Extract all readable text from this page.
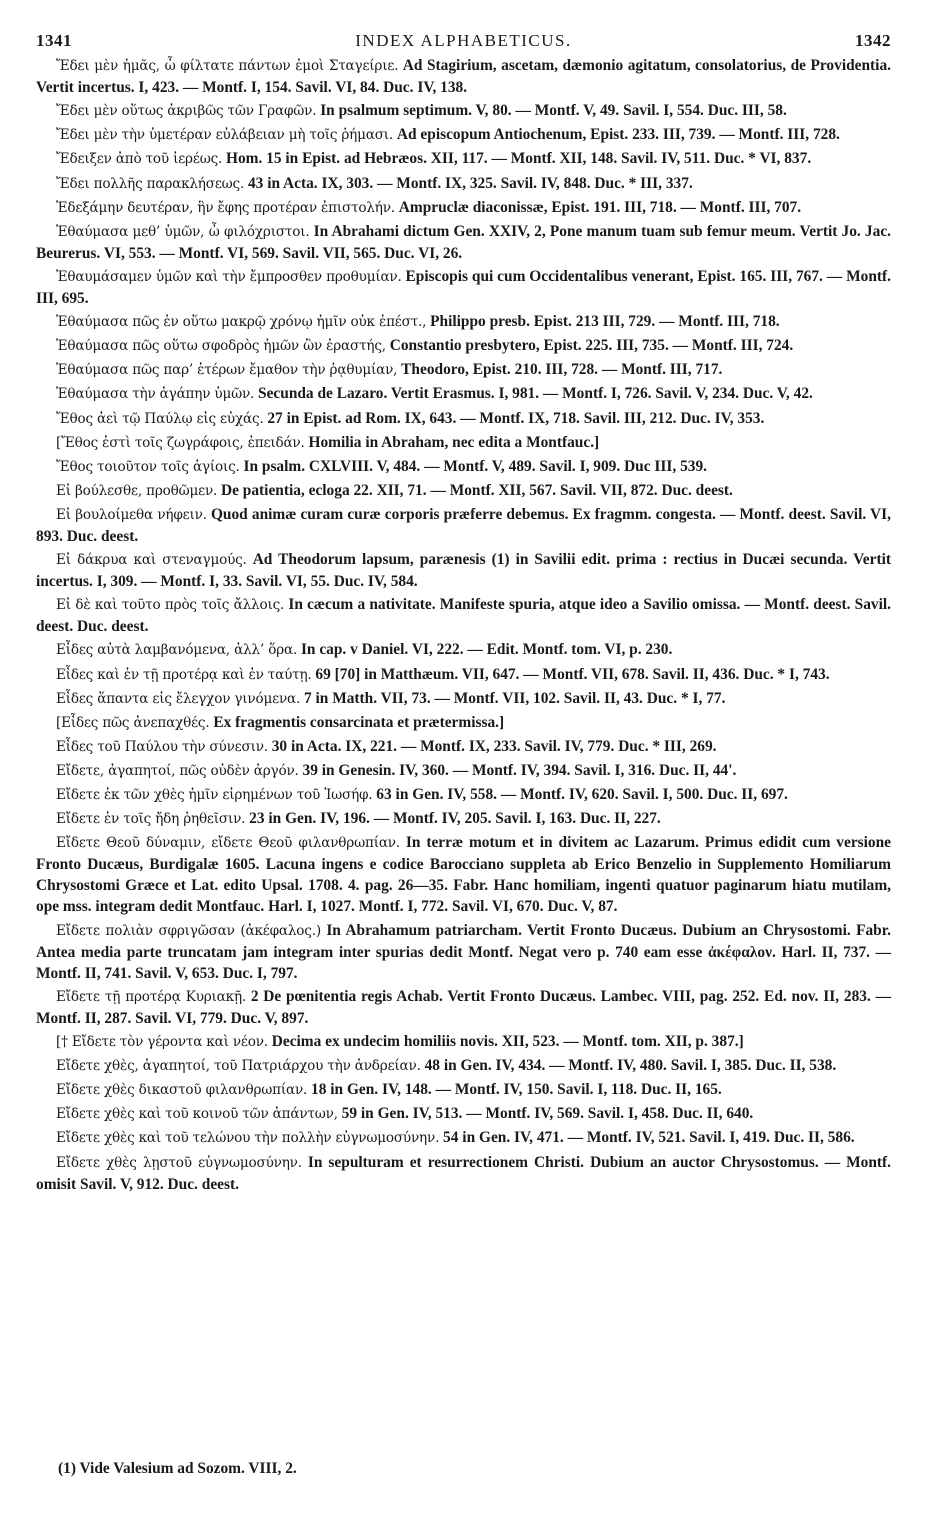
1341	INDEX ALPHABETICUS.	1342

Ἔδει μὲν ἡμᾶς, ὦ φίλτατε πάντων ἐμοὶ Σταγείριε. Ad Stagirium, ascetam, dæmonio agitatum, consolatorius, de Providentia. Vertit incertus. I, 423. — Montf. I, 154. Savil. VI, 84. Duc. IV, 138.

Ἔδει μὲν οὕτως ἀκριβῶς τῶν Γραφῶν. In psalmum septimum. V, 80. — Montf. V, 49. Savil. I, 554. Duc. III, 58.

Ἔδει μὲν τὴν ὑμετέραν εὐλάβειαν μὴ τοῖς ῥήμασι. Ad episcopum Antiochenum, Epist. 233. III, 739. — Montf. III, 728.

Ἔδειξεν ἀπὸ τοῦ ἱερέως. Hom. 15 in Epist. ad Hebræos. XII, 117. — Montf. XII, 148. Savil. IV, 511. Duc. * VI, 837.

Ἔδει πολλῆς παρακλήσεως. 43 in Acta. IX, 303. — Montf. IX, 325. Savil. IV, 848. Duc. * III, 337.

Ἐδεξάμην δευτέραν, ἣν ἔφης προτέραν ἐπιστολήν. Ampruclæ diaconissæ, Epist. 191. III, 718. — Montf. III, 707.

Ἐθαύμασα μεθ’ ὑμῶν, ὦ φιλόχριστοι. In Abrahami dictum Gen. XXIV, 2, Pone manum tuam sub femur meum. Vertit Jo. Jac. Beurerus. VI, 553. — Montf. VI, 569. Savil. VII, 565. Duc. VI, 26.

Ἐθαυμάσαμεν ὑμῶν καὶ τὴν ἔμπροσθεν προθυμίαν. Episcopis qui cum Occidentalibus venerant, Epist. 165. III, 767. — Montf. III, 695.

Ἐθαύμασα πῶς ἐν οὕτω μακρῷ χρόνῳ ἡμῖν οὐκ ἐπέστ., Philippo presb. Epist. 213 III, 729. — Montf. III, 718.

Ἐθαύμασα πῶς οὕτω σφοδρὸς ἡμῶν ὢν ἐραστής, Constantio presbytero, Epist. 225. III, 735. — Montf. III, 724.

Ἐθαύμασα πῶς παρ’ ἑτέρων ἔμαθον τὴν ῥᾳθυμίαν, Theodoro, Epist. 210. III, 728. — Montf. III, 717.

Ἐθαύμασα τὴν ἀγάπην ὑμῶν. Secunda de Lazaro. Vertit Erasmus. I, 981. — Montf. I, 726. Savil. V, 234. Duc. V, 42.

Ἔθος ἀεὶ τῷ Παύλῳ εἰς εὐχάς. 27 in Epist. ad Rom. IX, 643. — Montf. IX, 718. Savil. III, 212. Duc. IV, 353.

[Ἔθος ἐστὶ τοῖς ζωγράφοις, ἐπειδάν. Homilia in Abraham, nec edita a Montfauc.]

Ἔθος τοιοῦτον τοῖς ἁγίοις. In psalm. CXLVIII. V, 484. — Montf. V, 489. Savil. I, 909. Duc III, 539.

Εἰ βούλεσθε, προθῶμεν. De patientia, ecloga 22. XII, 71. — Montf. XII, 567. Savil. VII, 872. Duc. deest.

Εἰ βουλοίμεθα νήφειν. Quod animæ curam curæ corporis præferre debemus. Ex fragmm. congesta. — Montf. deest. Savil. VI, 893. Duc. deest.

Εἰ δάκρυα καὶ στεναγμούς. Ad Theodorum lapsum, parænesis (1) in Savilii edit. prima : rectius in Ducæi secunda. Vertit incertus. I, 309. — Montf. I, 33. Savil. VI, 55. Duc. IV, 584.

Εἰ δὲ καὶ τοῦτο πρὸς τοῖς ἄλλοις. In cæcum a nativitate. Manifeste spuria, atque ideo a Savilio omissa. — Montf. deest. Savil. deest. Duc. deest.

Εἶδες αὐτὰ λαμβανόμενα, ἀλλ’ ὅρα. In cap. v Daniel. VI, 222. — Edit. Montf. tom. VI, p. 230.

Εἶδες καὶ ἐν τῇ προτέρᾳ καὶ ἐν ταύτῃ. 69 [70] in Matthæum. VII, 647. — Montf. VII, 678. Savil. II, 436. Duc. * I, 743.

Εἶδες ἅπαντα εἰς ἔλεγχον γινόμενα. 7 in Matth. VII, 73. — Montf. VII, 102. Savil. II, 43. Duc. * I, 77.

[Εἶδες πῶς ἀνεπαχθές. Ex fragmentis consarcinata et prætermissa.]

Εἶδες τοῦ Παύλου τὴν σύνεσιν. 30 in Acta. IX, 221. — Montf. IX, 233. Savil. IV, 779. Duc. * III, 269.

Εἴδετε, ἀγαπητοί, πῶς οὐδὲν ἀργόν. 39 in Genesin. IV, 360. — Montf. IV, 394. Savil. I, 316. Duc. II, 44'.

Εἴδετε ἐκ τῶν χθὲς ἡμῖν εἰρημένων τοῦ Ἰωσήφ. 63 in Gen. IV, 558. — Montf. IV, 620. Savil. I, 500. Duc. II, 697.

Εἴδετε ἐν τοῖς ἤδη ῥηθεῖσιν. 23 in Gen. IV, 196. — Montf. IV, 205. Savil. I, 163. Duc. II, 227.

Εἴδετε Θεοῦ δύναμιν, εἴδετε Θεοῦ φιλανθρωπίαν. In terræ motum et in divitem ac Lazarum. Primus edidit cum versione Fronto Ducæus, Burdigalæ 1605. Lacuna ingens e codice Barocciano suppleta ab Erico Benzelio in Supplemento Homiliarum Chrysostomi Græce et Lat. edito Upsal. 1708. 4. pag. 26—35. Fabr. Hanc homiliam, ingenti quatuor paginarum hiatu mutilam, ope mss. integram dedit Montfauc. Harl. I, 1027. Montf. I, 772. Savil. VI, 670. Duc. V, 87.

Εἴδετε πολιὰν σφριγῶσαν (ἀκέφαλος.) In Abrahamum patriarcham. Vertit Fronto Ducæus. Dubium an Chrysostomi. Fabr. Antea media parte truncatam jam integram inter spurias dedit Montf. Negat vero p. 740 eam esse ἀκέφαλον. Harl. II, 737. — Montf. II, 741. Savil. V, 653. Duc. I, 797.

Εἴδετε τῇ προτέρᾳ Κυριακῇ. 2 De pœnitentia regis Achab. Vertit Fronto Ducæus. Lambec. VIII, pag. 252. Ed. nov. II, 283. — Montf. II, 287. Savil. VI, 779. Duc. V, 897.

[† Εἴδετε τὸν γέροντα καὶ νέον. Decima ex undecim homiliis novis. XII, 523. — Montf. tom. XII, p. 387.]

Εἴδετε χθὲς, ἀγαπητοί, τοῦ Πατριάρχου τὴν ἀνδρείαν. 48 in Gen. IV, 434. — Montf. IV, 480. Savil. I, 385. Duc. II, 538.

Εἴδετε χθὲς δικαστοῦ φιλανθρωπίαν. 18 in Gen. IV, 148. — Montf. IV, 150. Savil. I, 118. Duc. II, 165.

Εἴδετε χθὲς καὶ τοῦ κοινοῦ τῶν ἁπάντων, 59 in Gen. IV, 513. — Montf. IV, 569. Savil. I, 458. Duc. II, 640.

Εἴδετε χθὲς καὶ τοῦ τελώνου τὴν πολλὴν εὐγνωμοσύνην. 54 in Gen. IV, 471. — Montf. IV, 521. Savil. I, 419. Duc. II, 586.

Εἴδετε χθὲς λῃστοῦ εὐγνωμοσύνην. In sepulturam et resurrectionem Christi. Dubium an auctor Chrysostomus. — Montf. omisit Savil. V, 912. Duc. deest.

(1) Vide Valesium ad Sozom. VIII, 2.
